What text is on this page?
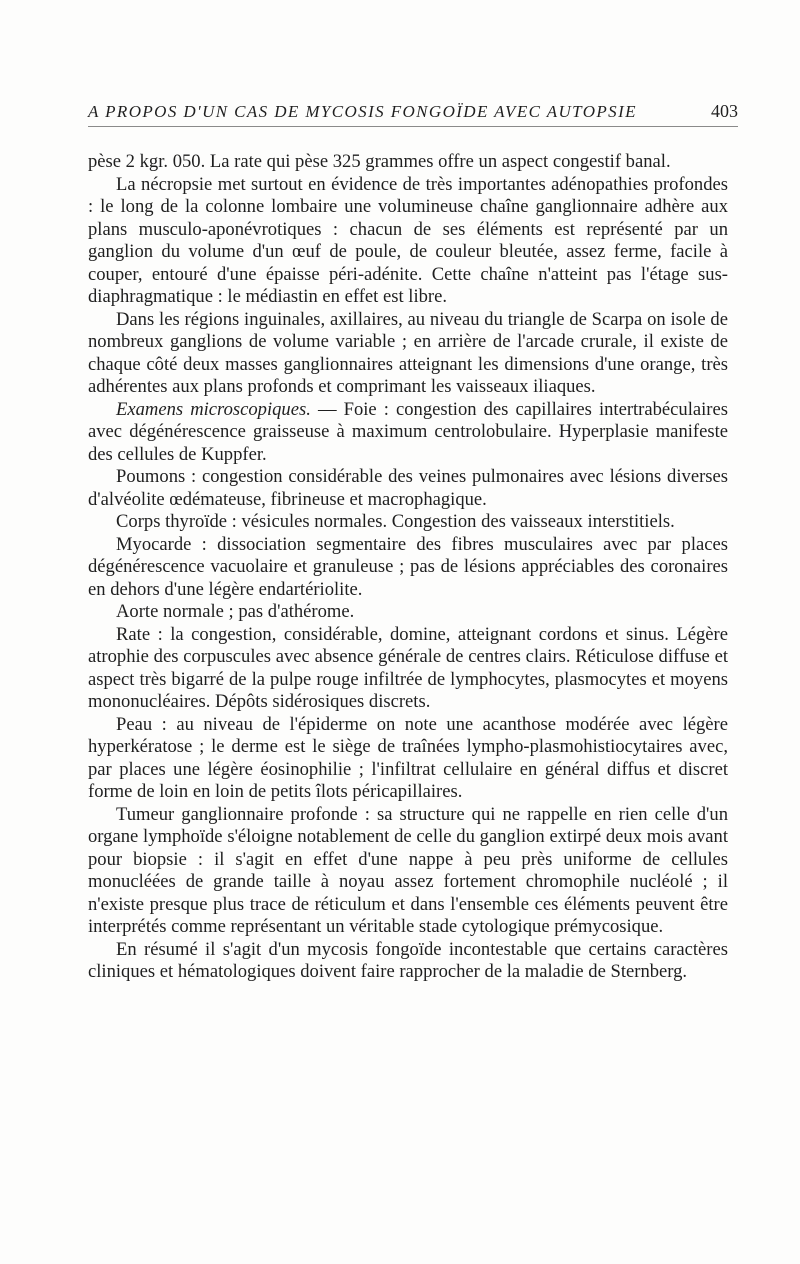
A PROPOS D'UN CAS DE MYCOSIS FONGOÏDE AVEC AUTOPSIE	403

pèse 2 kgr. 050. La rate qui pèse 325 grammes offre un aspect congestif banal.

La nécropsie met surtout en évidence de très importantes adénopathies profondes : le long de la colonne lombaire une volumineuse chaîne ganglionnaire adhère aux plans musculo-aponévrotiques : chacun de ses éléments est représenté par un ganglion du volume d'un œuf de poule, de couleur bleutée, assez ferme, facile à couper, entouré d'une épaisse péri-adénite. Cette chaîne n'atteint pas l'étage sus-diaphragmatique : le médiastin en effet est libre.

Dans les régions inguinales, axillaires, au niveau du triangle de Scarpa on isole de nombreux ganglions de volume variable ; en arrière de l'arcade crurale, il existe de chaque côté deux masses ganglionnaires atteignant les dimensions d'une orange, très adhérentes aux plans profonds et comprimant les vaisseaux iliaques.

Examens microscopiques. — Foie : congestion des capillaires intertrabéculaires avec dégénérescence graisseuse à maximum centrolobulaire. Hyperplasie manifeste des cellules de Kuppfer.

Poumons : congestion considérable des veines pulmonaires avec lésions diverses d'alvéolite œdémateuse, fibrineuse et macrophagique.

Corps thyroïde : vésicules normales. Congestion des vaisseaux interstitiels.

Myocarde : dissociation segmentaire des fibres musculaires avec par places dégénérescence vacuolaire et granuleuse ; pas de lésions appréciables des coronaires en dehors d'une légère endartériolite.

Aorte normale ; pas d'athérome.

Rate : la congestion, considérable, domine, atteignant cordons et sinus. Légère atrophie des corpuscules avec absence générale de centres clairs. Réticulose diffuse et aspect très bigarré de la pulpe rouge infiltrée de lymphocytes, plasmocytes et moyens mononucléaires. Dépôts sidérosiques discrets.

Peau : au niveau de l'épiderme on note une acanthose modérée avec légère hyperkératose ; le derme est le siège de traînées lympho-plasmohistiocytaires avec, par places une légère éosinophilie ; l'infiltrat cellulaire en général diffus et discret forme de loin en loin de petits îlots péricapillaires.

Tumeur ganglionnaire profonde : sa structure qui ne rappelle en rien celle d'un organe lymphoïde s'éloigne notablement de celle du ganglion extirpé deux mois avant pour biopsie : il s'agit en effet d'une nappe à peu près uniforme de cellules monucléées de grande taille à noyau assez fortement chromophile nucléolé ; il n'existe presque plus trace de réticulum et dans l'ensemble ces éléments peuvent être interprétés comme représentant un véritable stade cytologique prémycosique.

En résumé il s'agit d'un mycosis fongoïde incontestable que certains caractères cliniques et hématologiques doivent faire rapprocher de la maladie de Sternberg.
